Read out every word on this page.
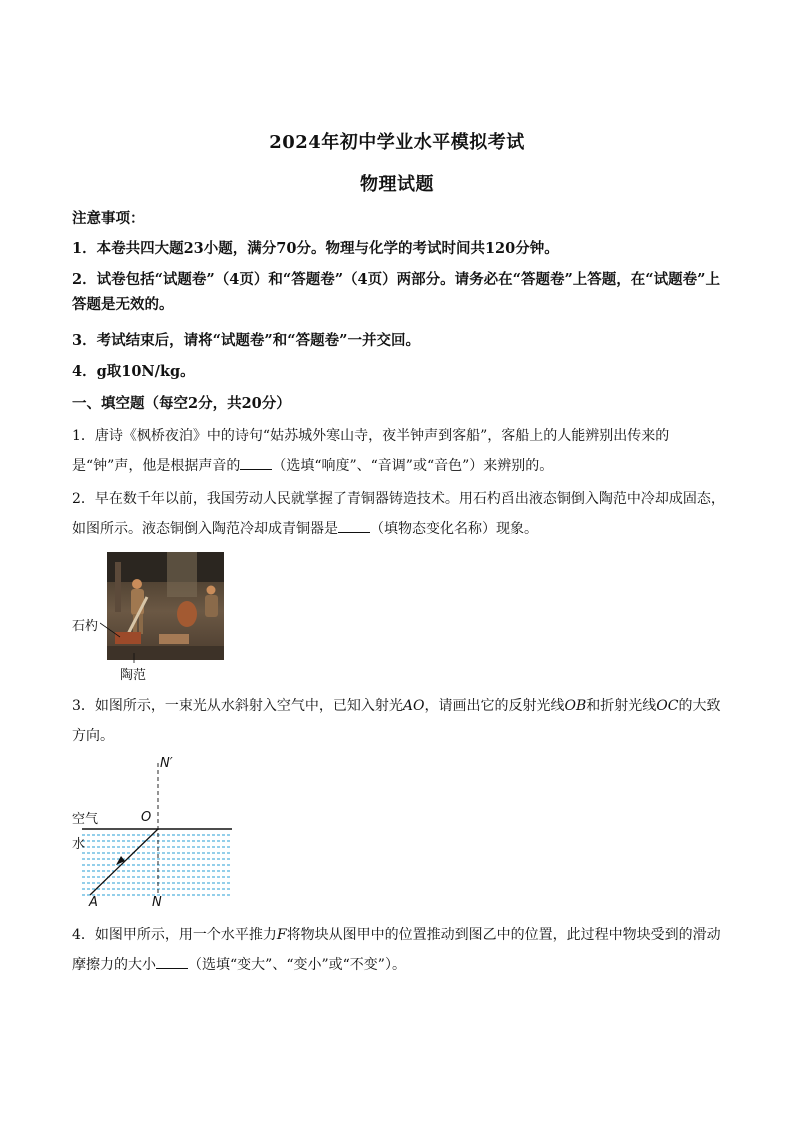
2024年初中学业水平模拟考试
物理试题
注意事项：
1．本卷共四大题23小题，满分70分。物理与化学的考试时间共120分钟。
2．试卷包括“试题卷”（4页）和“答题卷”（4页）两部分。请务必在“答题卷”上答题，在“试题卷”上答题是无效的。
3．考试结束后，请将“试题卷”和“答题卷”一并交回。
4．g取10N/kg。
一、填空题（每空2分，共20分）
1．唐诗《枫桥夜泊》中的诗句“姑苏城外寒山寺，夜半钟声到客船”，客船上的人能辨别出传来的是“钟”声，他是根据声音的 （选填“响度”、“音调”或“音色”）来辨别的。
2．早在数千年以前，我国劳动人民就掌握了青铜器铸造技术。用石杓舀出液态铜倒入陶范中冷却成固态，如图所示。液态铜倒入陶范冷却成青铜器是 （填物态变化名称）现象。
石杓
陶范
3．如图所示，一束光从水斜射入空气中，已知入射光AO，请画出它的反射光线OB和折射光线OC的大致方向。
N′
空气	O
水
A	N
4．如图甲所示，用一个水平推力F将物块从图甲中的位置推动到图乙中的位置，此过程中物块受到的滑动摩擦力的大小 （选填“变大”、“变小”或“不变”）。
